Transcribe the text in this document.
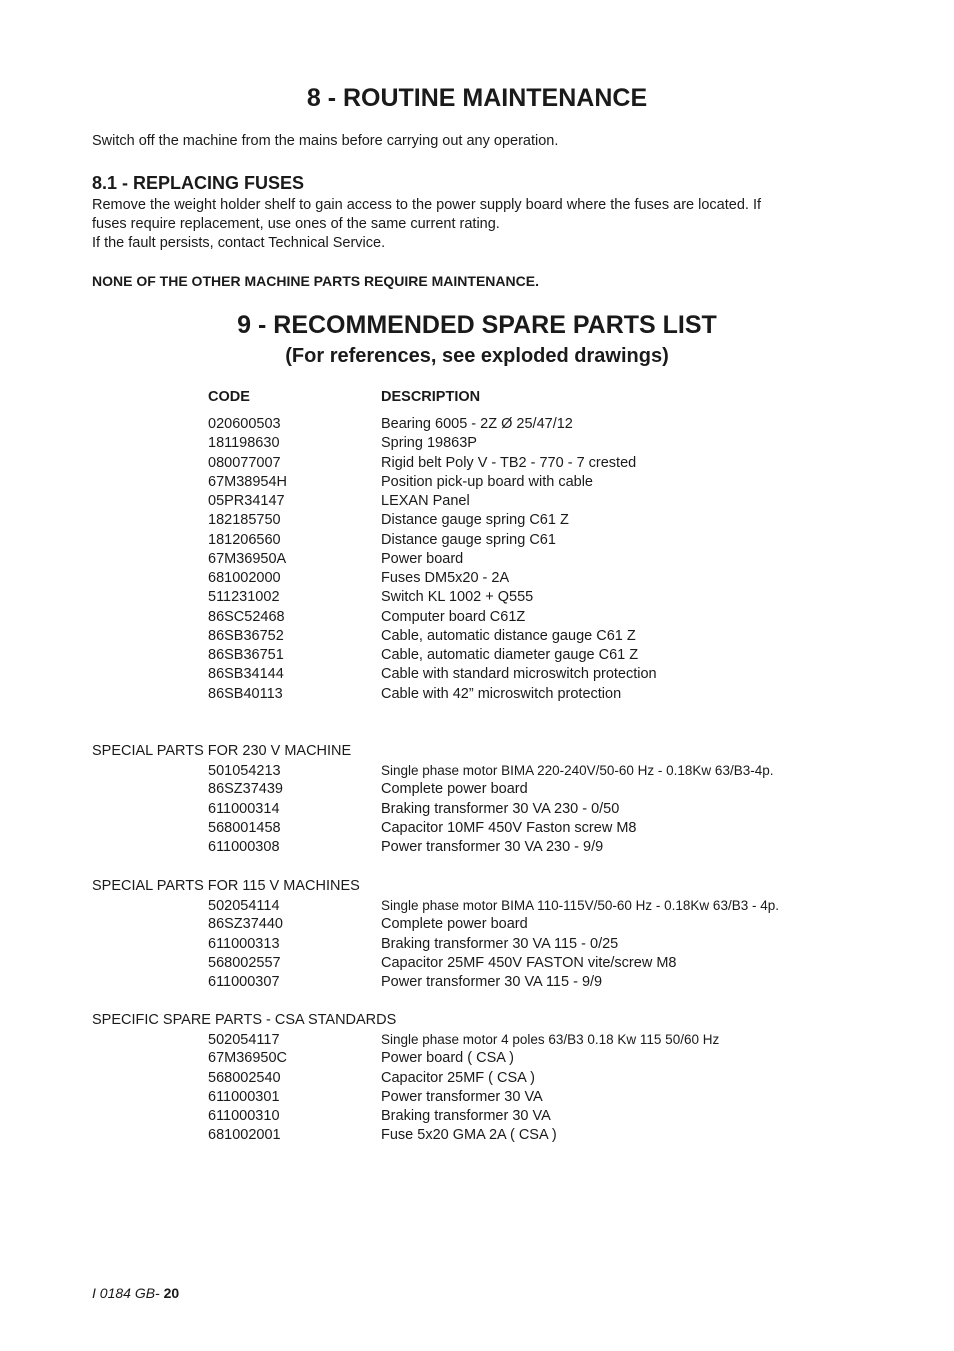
8 - ROUTINE MAINTENANCE
Switch off the machine from the mains before carrying out any operation.
8.1 - REPLACING FUSES
Remove the weight holder shelf to gain access to the power supply board where the fuses are located. If
fuses require replacement, use ones of the same current rating.
If the fault persists, contact Technical Service.
NONE OF THE OTHER MACHINE PARTS REQUIRE MAINTENANCE.
9 - RECOMMENDED SPARE PARTS LIST
(For references, see exploded drawings)
CODE	DESCRIPTION
020600503	Bearing 6005 - 2Z Ø 25/47/12
181198630	Spring 19863P
080077007	Rigid belt Poly V - TB2 - 770 - 7 crested
67M38954H	Position pick-up board with cable
05PR34147	LEXAN Panel
182185750	Distance gauge spring C61 Z
181206560	Distance gauge spring C61
67M36950A	Power board
681002000	Fuses DM5x20 - 2A
511231002	Switch KL 1002 + Q555
86SC52468	Computer board C61Z
86SB36752	Cable, automatic distance gauge C61 Z
86SB36751	Cable, automatic diameter gauge C61 Z
86SB34144	Cable with standard microswitch protection
86SB40113	Cable with 42” microswitch protection
SPECIAL PARTS FOR 230 V MACHINE
501054213	Single phase motor BIMA 220-240V/50-60 Hz - 0.18Kw 63/B3-4p.
86SZ37439	Complete power board
611000314	Braking transformer 30 VA 230 - 0/50
568001458	Capacitor 10MF 450V Faston screw M8
611000308	Power transformer 30 VA 230 - 9/9
SPECIAL PARTS FOR 115 V MACHINES
502054114	Single phase motor BIMA 110-115V/50-60 Hz - 0.18Kw 63/B3 - 4p.
86SZ37440	Complete power board
611000313	Braking transformer 30 VA 115 - 0/25
568002557	Capacitor 25MF 450V FASTON vite/screw M8
611000307	Power transformer 30 VA 115 - 9/9
SPECIFIC SPARE PARTS - CSA STANDARDS
502054117	Single phase motor 4 poles 63/B3 0.18 Kw 115 50/60 Hz
67M36950C	Power board ( CSA )
568002540	Capacitor 25MF ( CSA )
611000301	Power transformer 30 VA
611000310	Braking transformer 30 VA
681002001	Fuse 5x20 GMA 2A ( CSA )
I 0184 GB- 20
